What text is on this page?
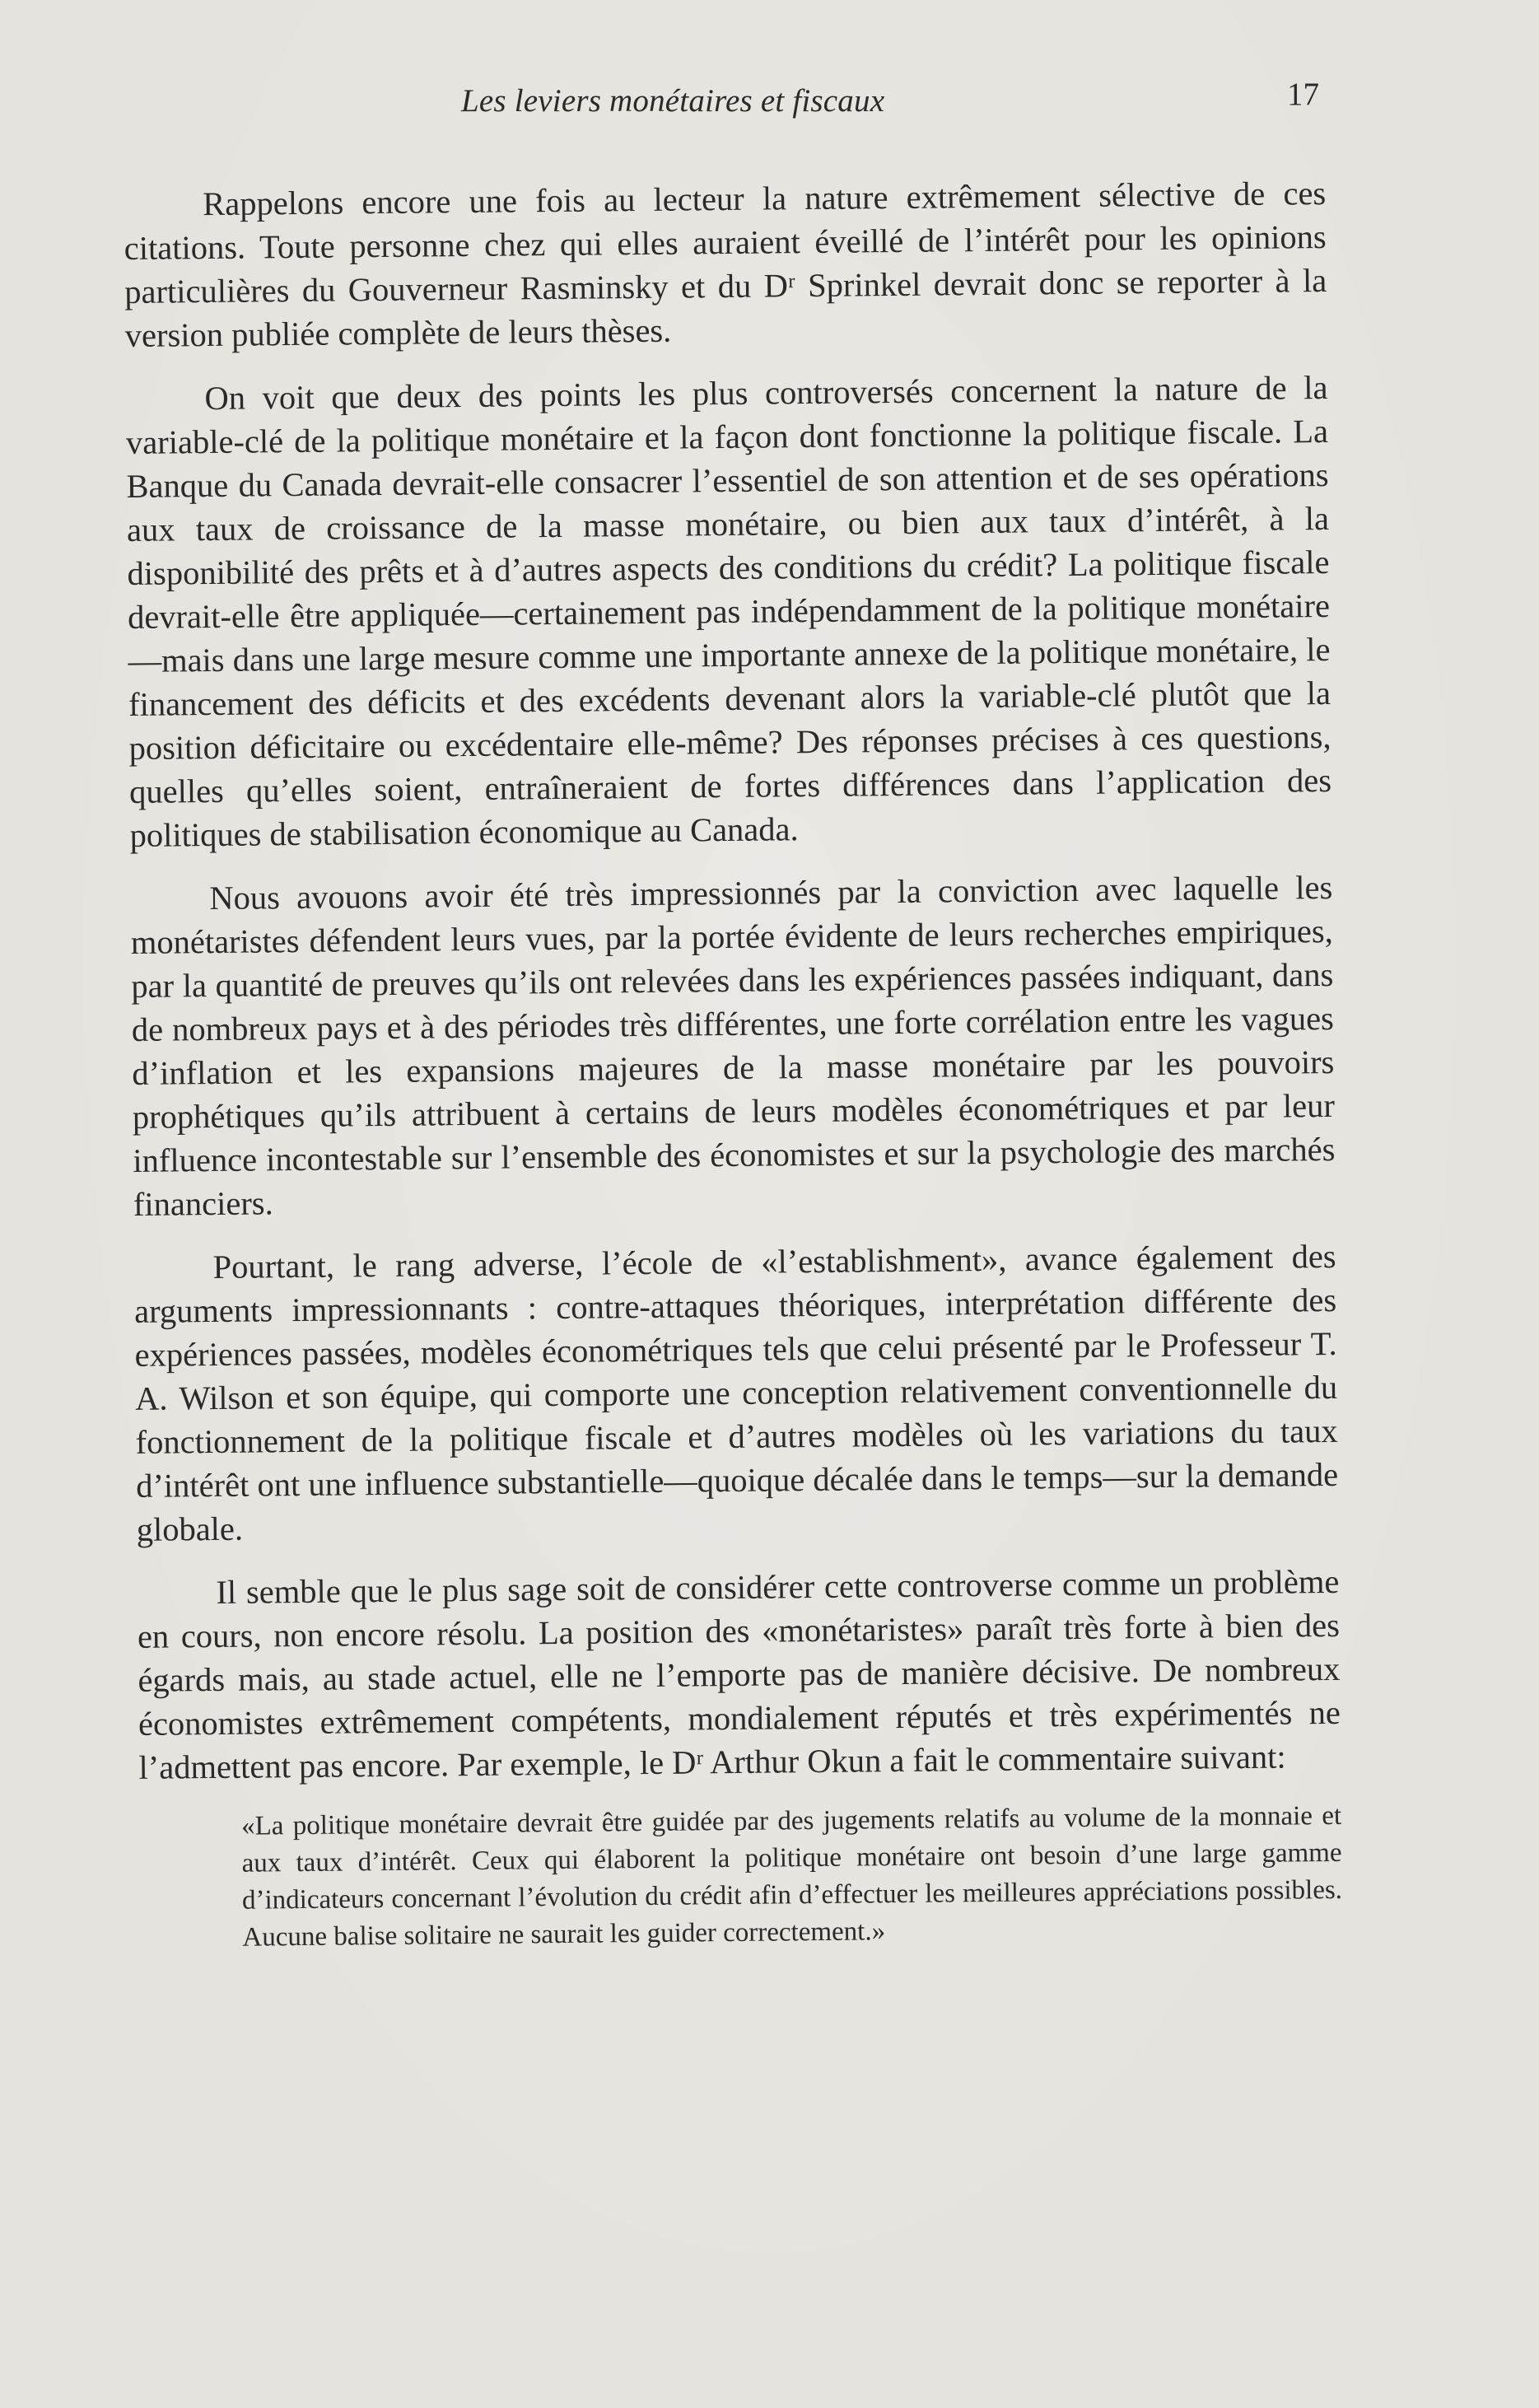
Les leviers monétaires et fiscaux	17

Rappelons encore une fois au lecteur la nature extrêmement sélective de ces citations. Toute personne chez qui elles auraient éveillé de l’intérêt pour les opinions particulières du Gouverneur Rasminsky et du Dʳ Sprinkel devrait donc se reporter à la version publiée complète de leurs thèses.

On voit que deux des points les plus controversés concernent la nature de la variable-clé de la politique monétaire et la façon dont fonctionne la politique fiscale. La Banque du Canada devrait-elle consacrer l’essentiel de son attention et de ses opérations aux taux de croissance de la masse monétaire, ou bien aux taux d’intérêt, à la disponibilité des prêts et à d’autres aspects des conditions du crédit? La politique fiscale devrait-elle être appliquée—certainement pas indépendamment de la politique monétaire —mais dans une large mesure comme une importante annexe de la politique monétaire, le financement des déficits et des excédents devenant alors la variable-clé plutôt que la position déficitaire ou excédentaire elle-même? Des réponses précises à ces questions, quelles qu’elles soient, entraîneraient de fortes différences dans l’application des politiques de stabilisation économique au Canada.

Nous avouons avoir été très impressionnés par la conviction avec laquelle les monétaristes défendent leurs vues, par la portée évidente de leurs recherches empiriques, par la quantité de preuves qu’ils ont relevées dans les expériences passées indiquant, dans de nombreux pays et à des périodes très différentes, une forte corrélation entre les vagues d’inflation et les expansions majeures de la masse monétaire par les pouvoirs prophétiques qu’ils attribuent à certains de leurs modèles économétriques et par leur influence incontestable sur l’ensemble des économistes et sur la psychologie des marchés financiers.

Pourtant, le rang adverse, l’école de «l’establishment», avance également des arguments impressionnants : contre-attaques théoriques, interprétation différente des expériences passées, modèles économétriques tels que celui présenté par le Professeur T. A. Wilson et son équipe, qui comporte une conception relativement conventionnelle du fonctionnement de la politique fiscale et d’autres modèles où les variations du taux d’intérêt ont une influence substantielle—quoique décalée dans le temps—sur la demande globale.

Il semble que le plus sage soit de considérer cette controverse comme un problème en cours, non encore résolu. La position des «monétaristes» paraît très forte à bien des égards mais, au stade actuel, elle ne l’emporte pas de manière décisive. De nombreux économistes extrêmement compétents, mondialement réputés et très expérimentés ne l’admettent pas encore. Par exemple, le Dʳ Arthur Okun a fait le commentaire suivant:

«La politique monétaire devrait être guidée par des jugements relatifs au volume de la monnaie et aux taux d’intérêt. Ceux qui élaborent la politique monétaire ont besoin d’une large gamme d’indicateurs concernant l’évolution du crédit afin d’effectuer les meilleures appréciations possibles. Aucune balise solitaire ne saurait les guider correctement.»
